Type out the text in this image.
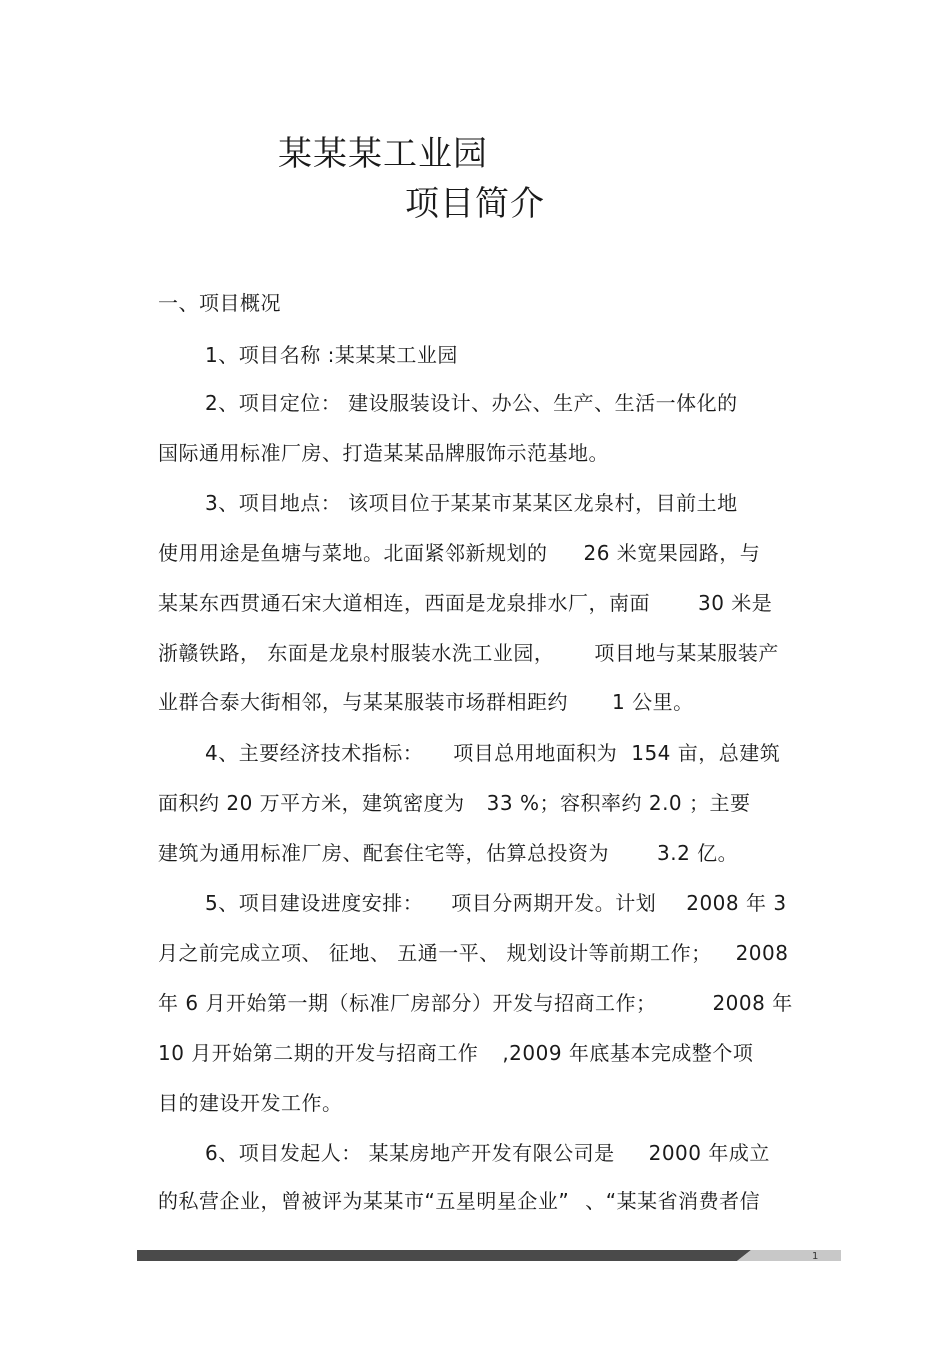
某某某工业园
项目简介
一、项目概况
1、项目名称 :某某某工业园
2、项目定位： 建设服装设计、办公、生产、生活一体化的
国际通用标准厂房、打造某某品牌服饰示范基地。
3、项目地点： 该项目位于某某市某某区龙泉村，目前土地
使用用途是鱼塘与菜地。北面紧邻新规划的 26 米宽果园路，与
某某东西贯通石宋大道相连，西面是龙泉排水厂，南面 30 米是
浙赣铁路， 东面是龙泉村服装水洗工业园， 项目地与某某服装产
业群合泰大街相邻，与某某服装市场群相距约 1 公里。
4、主要经济技术指标： 项目总用地面积为 154 亩，总建筑
面积约 20 万平方米，建筑密度为 33 %；容积率约 2.0 ；主要
建筑为通用标准厂房、配套住宅等，估算总投资为 3.2 亿。
5、项目建设进度安排： 项目分两期开发。计划 2008 年 3
月之前完成立项、 征地、 五通一平、 规划设计等前期工作； 2008
年 6 月开始第一期（标准厂房部分）开发与招商工作；	2008 年
10 月开始第二期的开发与招商工作 ,2009 年底基本完成整个项
目的建设开发工作。
6、项目发起人： 某某房地产开发有限公司是 2000 年成立
的私营企业，曾被评为某某市“五星明星企业” 、“某某省消费者信
1
